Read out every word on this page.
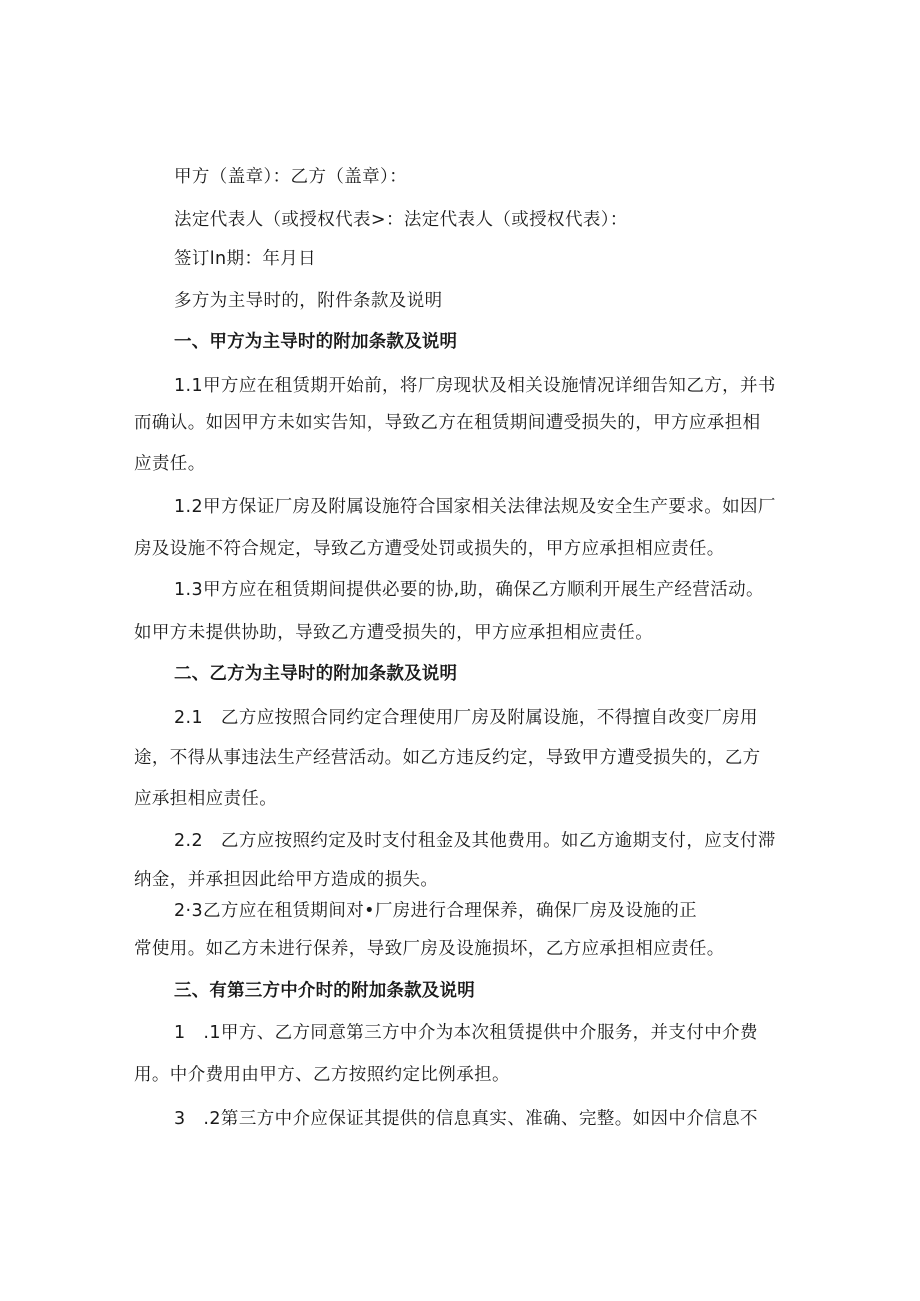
甲方（盖章）：乙方（盖章）：
法定代表人（或授权代表>：法定代表人（或授权代表）：
签订ln期：年月日
多方为主导时的，附件条款及说明
一、甲方为主导时的附加条款及说明
1.1甲方应在租赁期开始前，将厂房现状及相关设施情况详细告知乙方，并书
而确认。如因甲方未如实告知，导致乙方在租赁期间遭受损失的，甲方应承担相
应责任。
1.2甲方保证厂房及附属设施符合国家相关法律法规及安全生产要求。如因厂
房及设施不符合规定，导致乙方遭受处罚或损失的，甲方应承担相应责任。
1.3甲方应在租赁期间提供必要的协,助，确保乙方顺利开展生产经营活动。
如甲方未提供协助，导致乙方遭受损失的，甲方应承担相应责任。
二、乙方为主导时的附加条款及说明
2.1　乙方应按照合同约定合理使用厂房及附属设施，不得擅自改变厂房用
途，不得从事违法生产经营活动。如乙方违反约定，导致甲方遭受损失的，乙方
应承担相应责任。
2.2　乙方应按照约定及时支付租金及其他费用。如乙方逾期支付，应支付滞
纳金，并承担因此给甲方造成的损失。
2·3乙方应在租赁期间对•厂房进行合理保养，确保厂房及设施的正
常使用。如乙方未进行保养，导致厂房及设施损坏，乙方应承担相应责任。
三、有第三方中介时的附加条款及说明
1　.1甲方、乙方同意第三方中介为本次租赁提供中介服务，并支付中介费
用。中介费用由甲方、乙方按照约定比例承担。
3　.2第三方中介应保证其提供的信息真实、准确、完整。如因中介信息不
